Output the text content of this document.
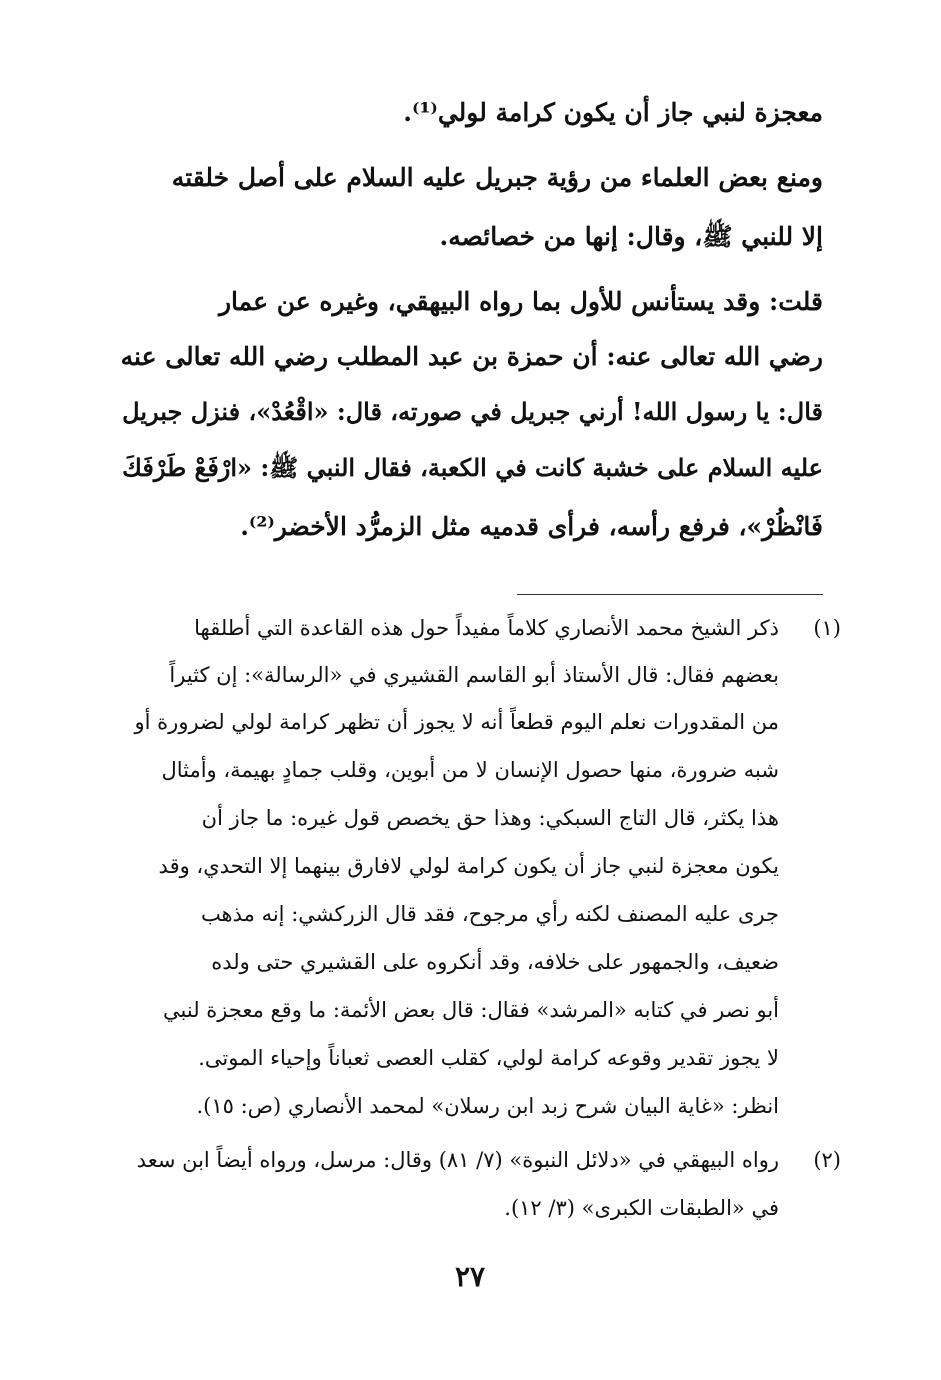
معجزة لنبي جاز أن يكون كرامة لولي⁽¹⁾.
ومنع بعض العلماء من رؤية جبريل عليه السلام على أصل خلقته
إلا للنبي ﷺ، وقال: إنها من خصائصه.
قلت: وقد يستأنس للأول بما رواه البيهقي، وغيره عن عمار
رضي الله تعالى عنه: أن حمزة بن عبد المطلب رضي الله تعالى عنه
قال: يا رسول الله! أرني جبريل في صورته، قال: «اقْعُدْ»، فنزل جبريل
عليه السلام على خشبة كانت في الكعبة، فقال النبي ﷺ: «ارْفَعْ طَرْفَكَ
فَانْظُرْ»، فرفع رأسه، فرأى قدميه مثل الزمرُّد الأخضر⁽²⁾.
(١)
ذكر الشيخ محمد الأنصاري كلاماً مفيداً حول هذه القاعدة التي أطلقها
بعضهم فقال: قال الأستاذ أبو القاسم القشيري في «الرسالة»: إن كثيراً
من المقدورات نعلم اليوم قطعاً أنه لا يجوز أن تظهر كرامة لولي لضرورة أو
شبه ضرورة، منها حصول الإنسان لا من أبوين، وقلب جمادٍ بهيمة، وأمثال
هذا يكثر، قال التاج السبكي: وهذا حق يخصص قول غيره: ما جاز أن
يكون معجزة لنبي جاز أن يكون كرامة لولي لافارق بينهما إلا التحدي، وقد
جرى عليه المصنف لكنه رأي مرجوح، فقد قال الزركشي: إنه مذهب
ضعيف، والجمهور على خلافه، وقد أنكروه على القشيري حتى ولده
أبو نصر في كتابه «المرشد» فقال: قال بعض الأئمة: ما وقع معجزة لنبي
لا يجوز تقدير وقوعه كرامة لولي، كقلب العصى ثعباناً وإحياء الموتى.
انظر: «غاية البيان شرح زبد ابن رسلان» لمحمد الأنصاري (ص: ١٥).
(٢)
رواه البيهقي في «دلائل النبوة» (٧/ ٨١) وقال: مرسل، ورواه أيضاً ابن سعد
في «الطبقات الكبرى» (٣/ ١٢).
٢٧
